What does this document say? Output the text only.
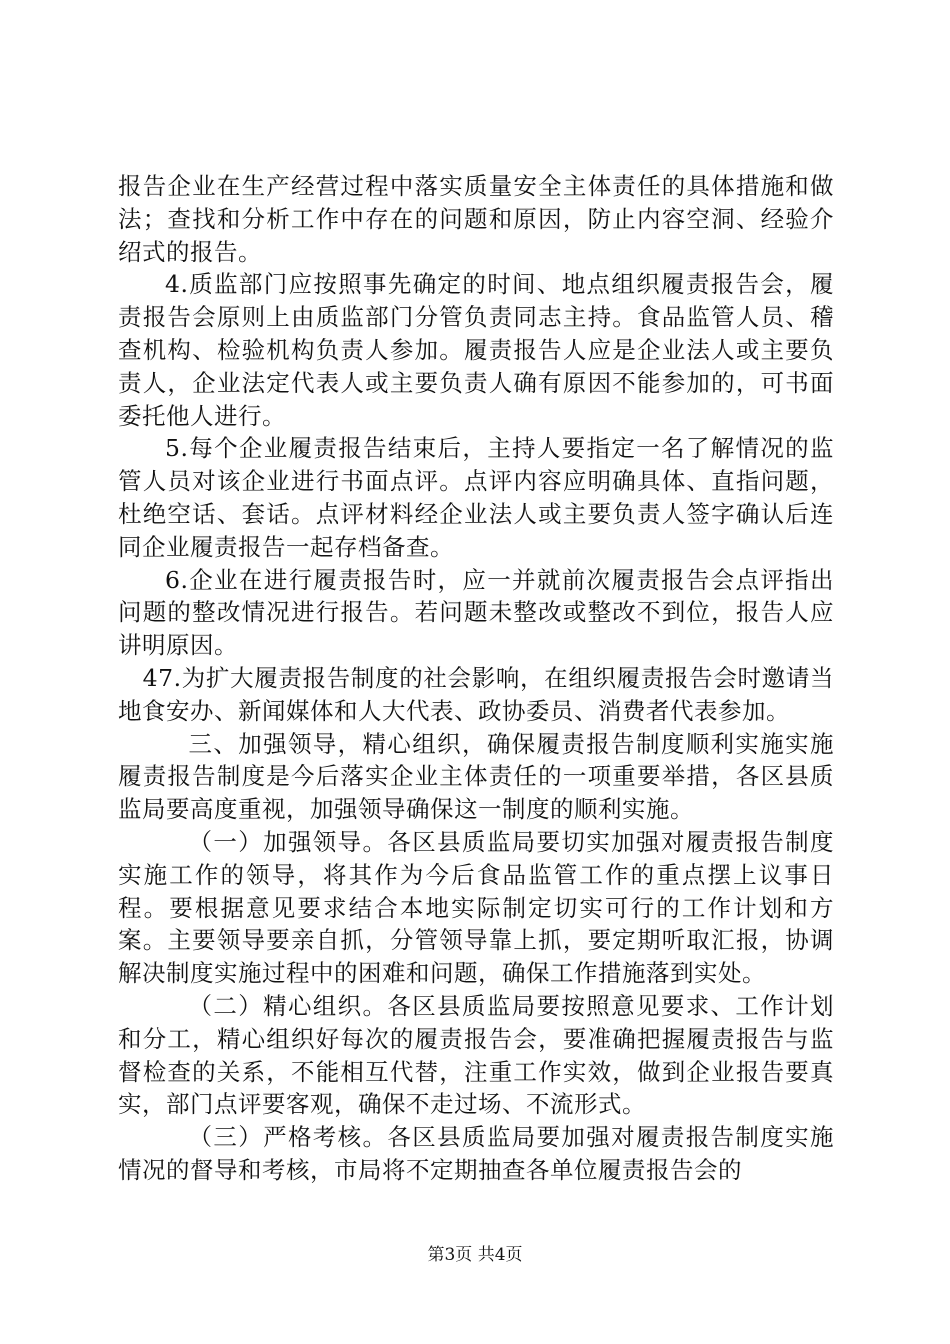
报告企业在生产经营过程中落实质量安全主体责任的具体措施和做法；查找和分析工作中存在的问题和原因，防止内容空洞、经验介绍式的报告。

4.质监部门应按照事先确定的时间、地点组织履责报告会，履责报告会原则上由质监部门分管负责同志主持。食品监管人员、稽查机构、检验机构负责人参加。履责报告人应是企业法人或主要负责人，企业法定代表人或主要负责人确有原因不能参加的，可书面委托他人进行。

5.每个企业履责报告结束后，主持人要指定一名了解情况的监管人员对该企业进行书面点评。点评内容应明确具体、直指问题，杜绝空话、套话。点评材料经企业法人或主要负责人签字确认后连同企业履责报告一起存档备查。

6.企业在进行履责报告时，应一并就前次履责报告会点评指出问题的整改情况进行报告。若问题未整改或整改不到位，报告人应讲明原因。

47.为扩大履责报告制度的社会影响，在组织履责报告会时邀请当地食安办、新闻媒体和人大代表、政协委员、消费者代表参加。

三、加强领导，精心组织，确保履责报告制度顺利实施实施履责报告制度是今后落实企业主体责任的一项重要举措，各区县质监局要高度重视，加强领导确保这一制度的顺利实施。

（一）加强领导。各区县质监局要切实加强对履责报告制度实施工作的领导，将其作为今后食品监管工作的重点摆上议事日程。要根据意见要求结合本地实际制定切实可行的工作计划和方案。主要领导要亲自抓，分管领导靠上抓，要定期听取汇报，协调解决制度实施过程中的困难和问题，确保工作措施落到实处。

（二）精心组织。各区县质监局要按照意见要求、工作计划和分工，精心组织好每次的履责报告会，要准确把握履责报告与监督检查的关系，不能相互代替，注重工作实效，做到企业报告要真实，部门点评要客观，确保不走过场、不流形式。

（三）严格考核。各区县质监局要加强对履责报告制度实施情况的督导和考核，市局将不定期抽查各单位履责报告会的

第3页 共4页
